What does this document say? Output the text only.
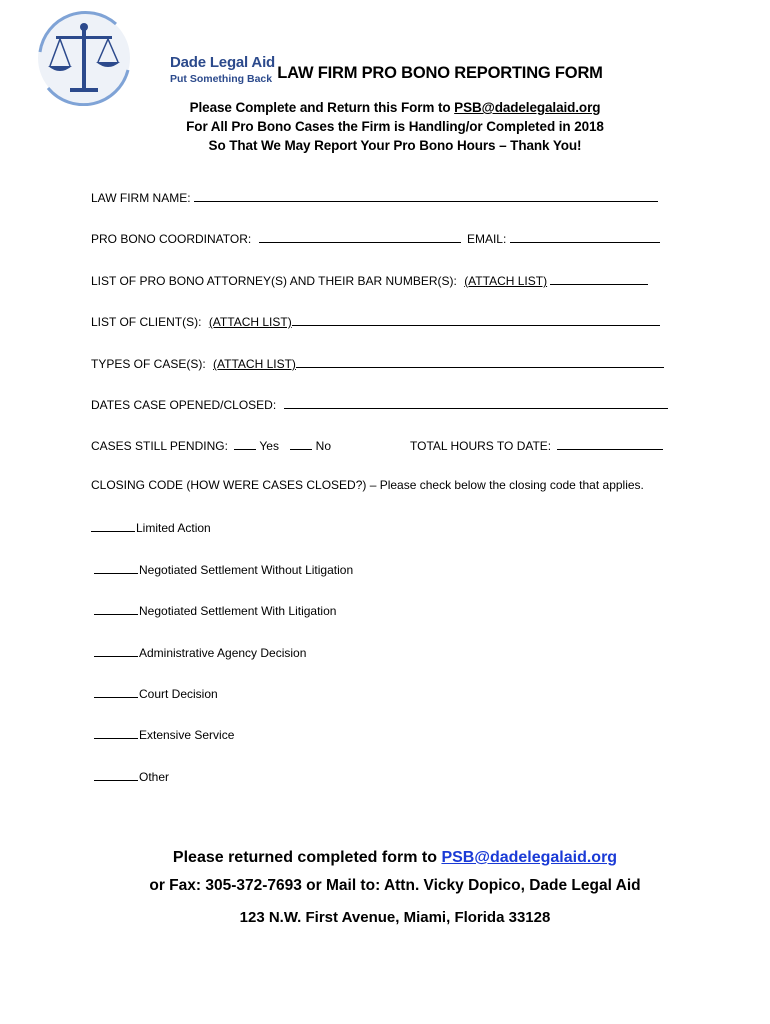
Dade Legal Aid
Put Something Back LAW FIRM PRO BONO REPORTING FORM
Please Complete and Return this Form to PSB@dadelegalaid.org
For All Pro Bono Cases the Firm is Handling/or Completed in 2018
So That We May Report Your Pro Bono Hours – Thank You!
LAW FIRM NAME:
PRO BONO COORDINATOR:	EMAIL:
LIST OF PRO BONO ATTORNEY(S) AND THEIR BAR NUMBER(S): (ATTACH LIST)
LIST OF CLIENT(S): (ATTACH LIST)
TYPES OF CASE(S): (ATTACH LIST)
DATES CASE OPENED/CLOSED:
CASES STILL PENDING:	Yes	No	TOTAL HOURS TO DATE:
CLOSING CODE (HOW WERE CASES CLOSED?) – Please check below the closing code that applies.
Limited Action
Negotiated Settlement Without Litigation
Negotiated Settlement With Litigation
Administrative Agency Decision
Court Decision
Extensive Service
Other
Please returned completed form to PSB@dadelegalaid.org
or Fax: 305-372-7693 or Mail to: Attn. Vicky Dopico, Dade Legal Aid
123 N.W. First Avenue, Miami, Florida 33128
